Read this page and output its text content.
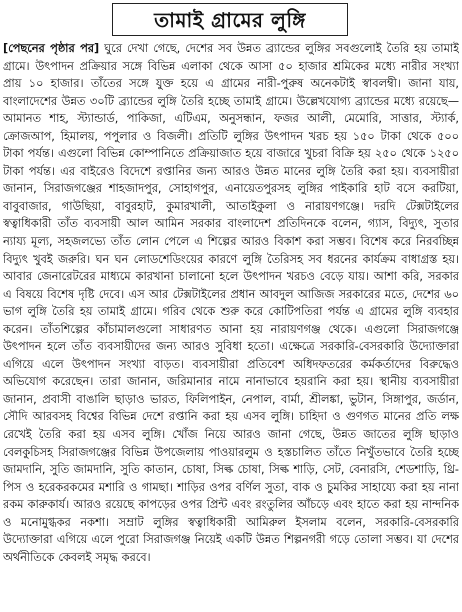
তামাই গ্রামের লুঙ্গি
[পেছনের পৃষ্ঠার পর] ঘুরে দেখা গেছে, দেশের সব উন্নত ব্র্যান্ডের লুঙ্গির সবগুলোই তৈরি হয় তামাই গ্রামে। উৎপাদন প্রক্রিয়ার সঙ্গে বিভিন্ন এলাকা থেকে আসা ৫০ হাজার শ্রমিকের মধ্যে নারীর সংখ্যা প্রায় ১০ হাজার। তাঁতের সঙ্গে যুক্ত হয়ে এ গ্রামের নারী-পুরুষ অনেকটাই স্বাবলম্বী। জানা যায়, বাংলাদেশের উন্নত ৩০টি ব্র্যান্ডের লুঙ্গি তৈরি হচ্ছে তামাই গ্রামে। উল্লেখযোগ্য ব্র্যান্ডের মধ্যে রয়েছে— আমানত শাহ, স্ট্যান্ডার্ড, পাকিজা, এটিএম, অনুসন্ধান, ফজর আলী, মেমোরি, সাত্তার, স্ট্যার্ক, ক্রোজআপ, হিমালয়, পপুলার ও বিজলী। প্রতিটি লুঙ্গির উৎপাদন খরচ হয় ১৫০ টাকা থেকে ৫০০ টাকা পর্যন্ত। এগুলো বিভিন্ন কোম্পানিতে প্রক্রিয়াজাত হয়ে বাজারে খুচরা বিক্রি হয় ২৫০ থেকে ১২৫০ টাকা পর্যন্ত। এর বাইরেও বিদেশে রপ্তানির জন্য আরও উন্নত মানের লুঙ্গি তৈরি করা হয়। ব্যবসায়ীরা জানান, সিরাজগঞ্জের শাহজাদপুর, সোহাগপুর, এনায়েতপুরসহ লুঙ্গির পাইকারি হাট বসে করটিয়া, বাবুবাজার, গাউছিয়া, বাবুরহাট, কুমারখালী, আতাইকুলা ও নারায়ণগঞ্জে। দরদি টেক্সটাইলের স্বত্বাধিকারী তাঁত ব্যবসায়ী আল আমিন সরকার বাংলাদেশ প্রতিদিনকে বলেন, গ্যাস, বিদ্যুৎ, সুতার ন্যায্য মূল্য, সহজলভ্যে তাঁত লোন পেলে এ শিল্পের আরও বিকাশ করা সম্ভব। বিশেষ করে নিরবচ্ছিন্ন বিদ্যুৎ খুবই জরুরি। ঘন ঘন লোডশেডিংয়ের কারণে লুঙ্গি তৈরিসহ সব ধরনের কার্যক্রম বাধাগ্রস্ত হয়। আবার জেনারেটরের মাধ্যমে কারখানা চালানো হলে উৎপাদন খরচও বেড়ে যায়। আশা করি, সরকার এ বিষয়ে বিশেষ দৃষ্টি দেবে। এস আর টেক্সটাইলের প্রধান আবদুল আজিজ সরকারের মতে, দেশের ৬০ ভাগ লুঙ্গি তৈরি হয় তামাই গ্রামে। গরিব থেকে শুরু করে কোটিপতিরা পর্যন্ত এ গ্রামের লুঙ্গি ব্যবহার করেন। তাঁতশিল্পের কাঁচামালগুলো সাধারণত আনা হয় নারায়ণগঞ্জ থেকে। এগুলো সিরাজগঞ্জে উৎপাদন হলে তাঁত ব্যবসায়ীদের জন্য আরও সুবিধা হতো। এক্ষেত্রে সরকারি-বেসরকারি উদ্যোক্তারা এগিয়ে এলে উৎপাদন সংখ্যা বাড়ত। ব্যবসায়ীরা প্রতিবেশ অধিদফতরের কর্মকর্তাদের বিরুদ্ধেও অভিযোগ করেছেন। তারা জানান, জরিমানার নামে নানাভাবে হয়রানি করা হয়। স্থানীয় ব্যবসায়ীরা জানান, প্রবাসী বাঙালি ছাড়াও ভারত, ফিলিপাইন, নেপাল, বার্মা, শ্রীলঙ্কা, ভুটান, সিঙ্গাপুর, জর্ডান, সৌদি আরবসহ বিশ্বের বিভিন্ন দেশে রপ্তানি করা হয় এসব লুঙ্গি। চাহিদা ও গুণগত মানের প্রতি লক্ষ রেখেই তৈরি করা হয় এসব লুঙ্গি। খোঁজ নিয়ে আরও জানা গেছে, উন্নত জাতের লুঙ্গি ছাড়াও বেলকুচিসহ সিরাজগঞ্জের বিভিন্ন উপজেলায় পাওয়ারলুম ও হস্তচালিত তাঁতে নিখুঁতভাবে তৈরি হচ্ছে জামদানি, সুতি জামদানি, সুতি কাতান, চোষা, সিল্ক চোষা, সিল্ক শাড়ি, সেট, বেনারসি, শেডশাড়ি, থ্রি-পিস ও হরেকরকমের মশারি ও গামছা। শাড়ির ওপর বর্ণিল সুতা, বাক ও চুমকির সাহায্যে করা হয় নানা রকম কারুকার্য। আরও রয়েছে কাপড়ের ওপর প্রিন্ট এবং রংতুলির আঁচড়ে এবং হাতে করা হয় নান্দনিক ও মনোমুগ্ধকর নকশা। সম্রাট লুঙ্গির স্বত্বাধিকারী আমিরুল ইসলাম বলেন, সরকারি-বেসরকারি উদ্যোক্তারা এগিয়ে এলে পুরো সিরাজগঞ্জ নিয়েই একটি উন্নত শিল্পনগরী গড়ে তোলা সম্ভব। যা দেশের অর্থনীতিকে কেবলই সমৃদ্ধ করবে।
